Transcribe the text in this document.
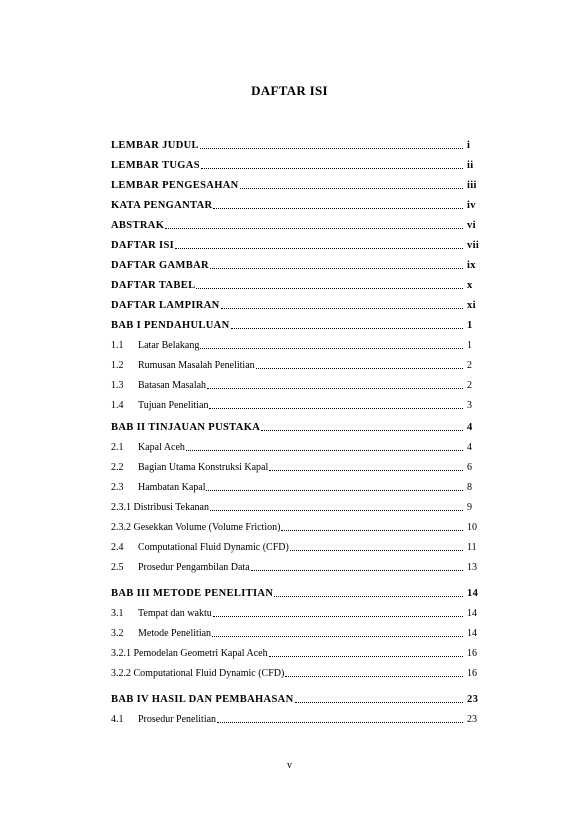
DAFTAR ISI
LEMBAR JUDUL	i
LEMBAR TUGAS	ii
LEMBAR PENGESAHAN	iii
KATA PENGANTAR	iv
ABSTRAK	vi
DAFTAR ISI	vii
DAFTAR GAMBAR	ix
DAFTAR TABEL	x
DAFTAR LAMPIRAN	xi
BAB I PENDAHULUAN	1
1.1 Latar Belakang	1
1.2 Rumusan Masalah Penelitian	2
1.3 Batasan Masalah	2
1.4 Tujuan Penelitian	3
BAB II TINJAUAN PUSTAKA	4
2.1 Kapal Aceh	4
2.2 Bagian Utama Konstruksi Kapal	6
2.3 Hambatan Kapal	8
2.3.1 Distribusi Tekanan	9
2.3.2 Gesekkan Volume (Volume Friction)	10
2.4 Computational Fluid Dynamic (CFD)	11
2.5 Prosedur Pengambilan Data	13
BAB III METODE PENELITIAN	14
3.1 Tempat dan waktu	14
3.2 Metode Penelitian	14
3.2.1 Pemodelan Geometri Kapal Aceh	16
3.2.2 Computational Fluid Dynamic (CFD)	16
BAB IV HASIL DAN PEMBAHASAN	23
4.1 Prosedur Penelitian	23
v
